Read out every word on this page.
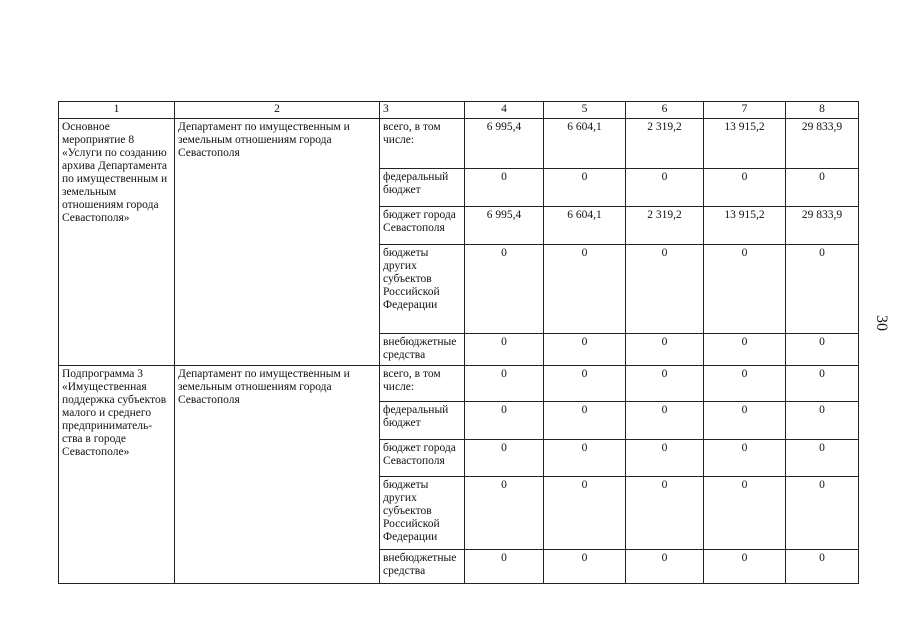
30
1	2	3	4	5	6	7	8
Основное мероприятие 8 «Услуги по созданию архива Департамента по имущественным и земельным отношениям города Севастополя»	Департамент по имущественным и земельным отношениям города Севастополя	всего, в том числе:	6 995,4	6 604,1	2 319,2	13 915,2	29 833,9
		федеральный бюджет	0	0	0	0	0
		бюджет города Севастополя	6 995,4	6 604,1	2 319,2	13 915,2	29 833,9
		бюджеты других субъектов Российской Федерации	0	0	0	0	0
		внебюджетные средства	0	0	0	0	0
Подпрограмма 3 «Имущественная поддержка субъектов малого и среднего предприниматель-ства в городе Севастополе»	Департамент по имущественным и земельным отношениям города Севастополя	всего, в том числе:	0	0	0	0	0
		федеральный бюджет	0	0	0	0	0
		бюджет города Севастополя	0	0	0	0	0
		бюджеты других субъектов Российской Федерации	0	0	0	0	0
		внебюджетные средства	0	0	0	0	0
